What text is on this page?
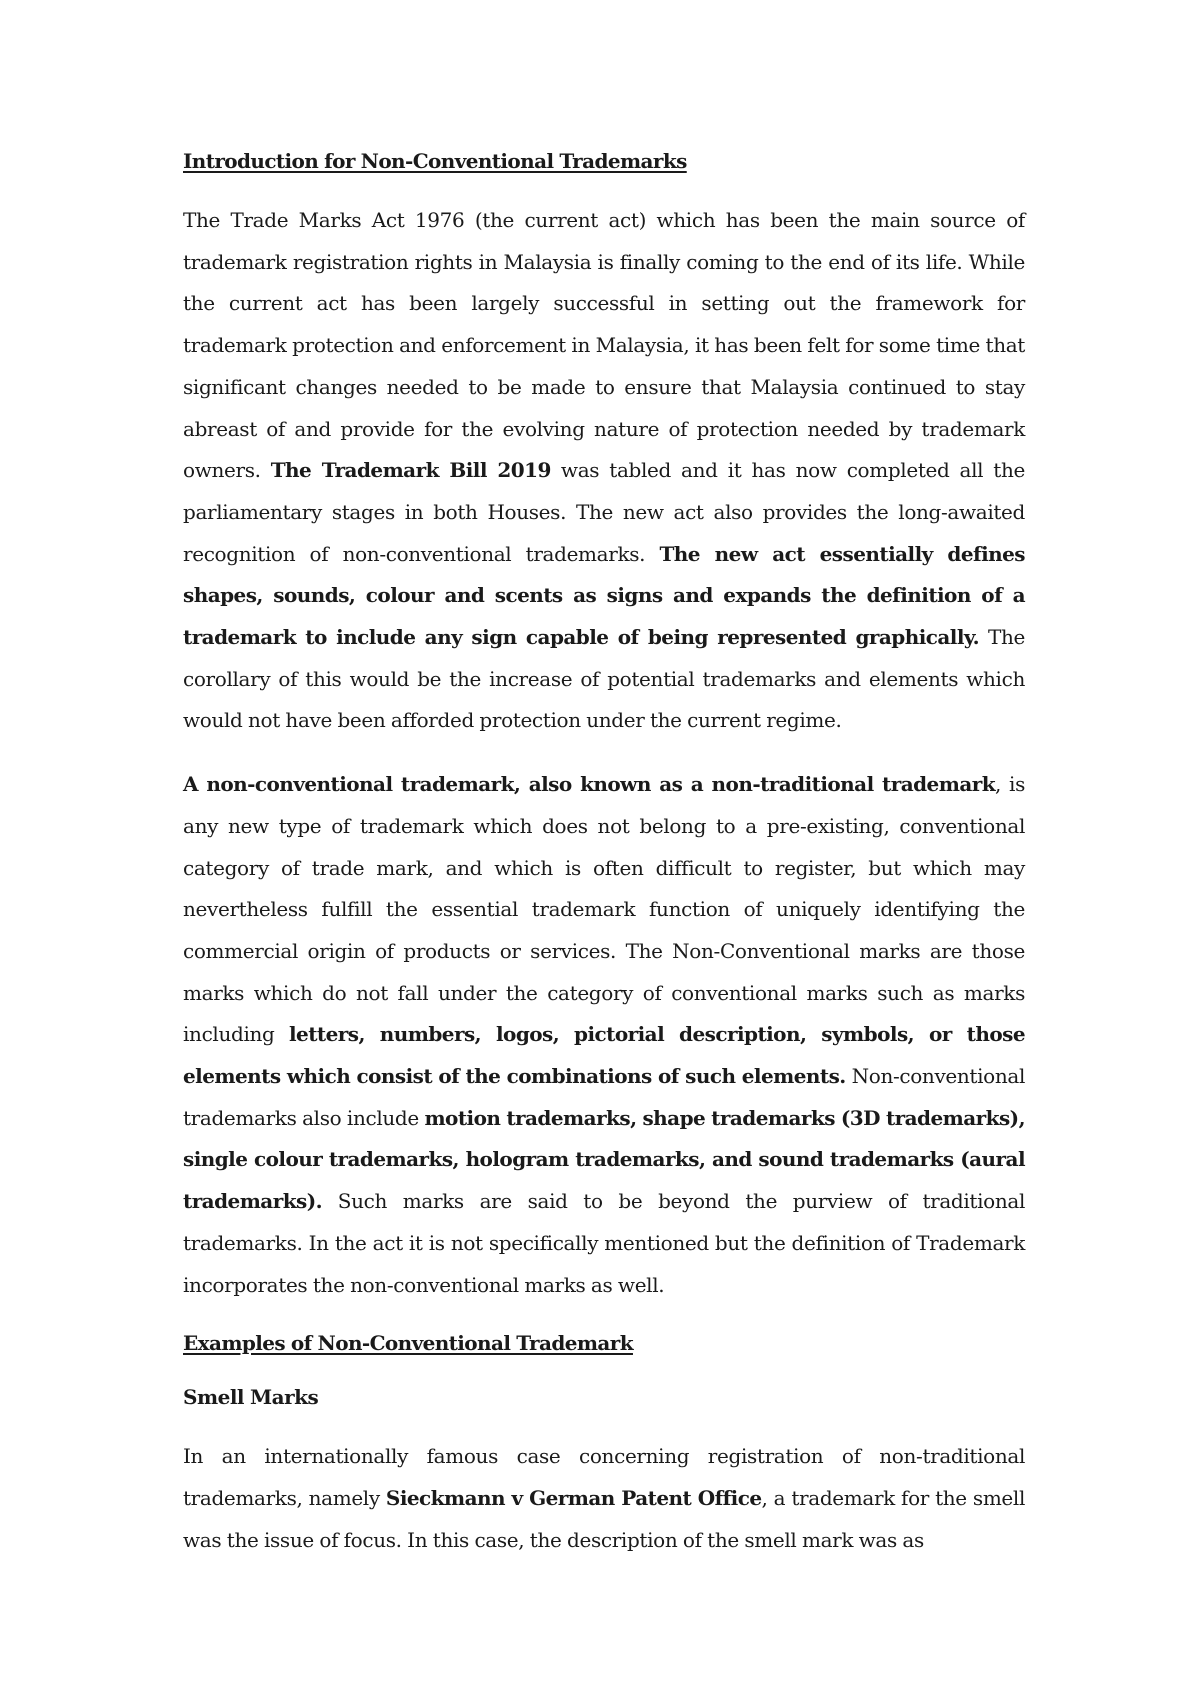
Introduction for Non-Conventional Trademarks

The Trade Marks Act 1976 (the current act) which has been the main source of trademark registration rights in Malaysia is finally coming to the end of its life. While the current act has been largely successful in setting out the framework for trademark protection and enforcement in Malaysia, it has been felt for some time that significant changes needed to be made to ensure that Malaysia continued to stay abreast of and provide for the evolving nature of protection needed by trademark owners. The Trademark Bill 2019 was tabled and it has now completed all the parliamentary stages in both Houses. The new act also provides the long-awaited recognition of non-conventional trademarks. The new act essentially defines shapes, sounds, colour and scents as signs and expands the definition of a trademark to include any sign capable of being represented graphically. The corollary of this would be the increase of potential trademarks and elements which would not have been afforded protection under the current regime.

A non-conventional trademark, also known as a non-traditional trademark, is any new type of trademark which does not belong to a pre-existing, conventional category of trade mark, and which is often difficult to register, but which may nevertheless fulfill the essential trademark function of uniquely identifying the commercial origin of products or services. The Non-Conventional marks are those marks which do not fall under the category of conventional marks such as marks including letters, numbers, logos, pictorial description, symbols, or those elements which consist of the combinations of such elements. Non-conventional trademarks also include motion trademarks, shape trademarks (3D trademarks), single colour trademarks, hologram trademarks, and sound trademarks (aural trademarks). Such marks are said to be beyond the purview of traditional trademarks. In the act it is not specifically mentioned but the definition of Trademark incorporates the non-conventional marks as well.

Examples of Non-Conventional Trademark
Smell Marks

In an internationally famous case concerning registration of non-traditional trademarks, namely Sieckmann v German Patent Office, a trademark for the smell was the issue of focus. In this case, the description of the smell mark was as
